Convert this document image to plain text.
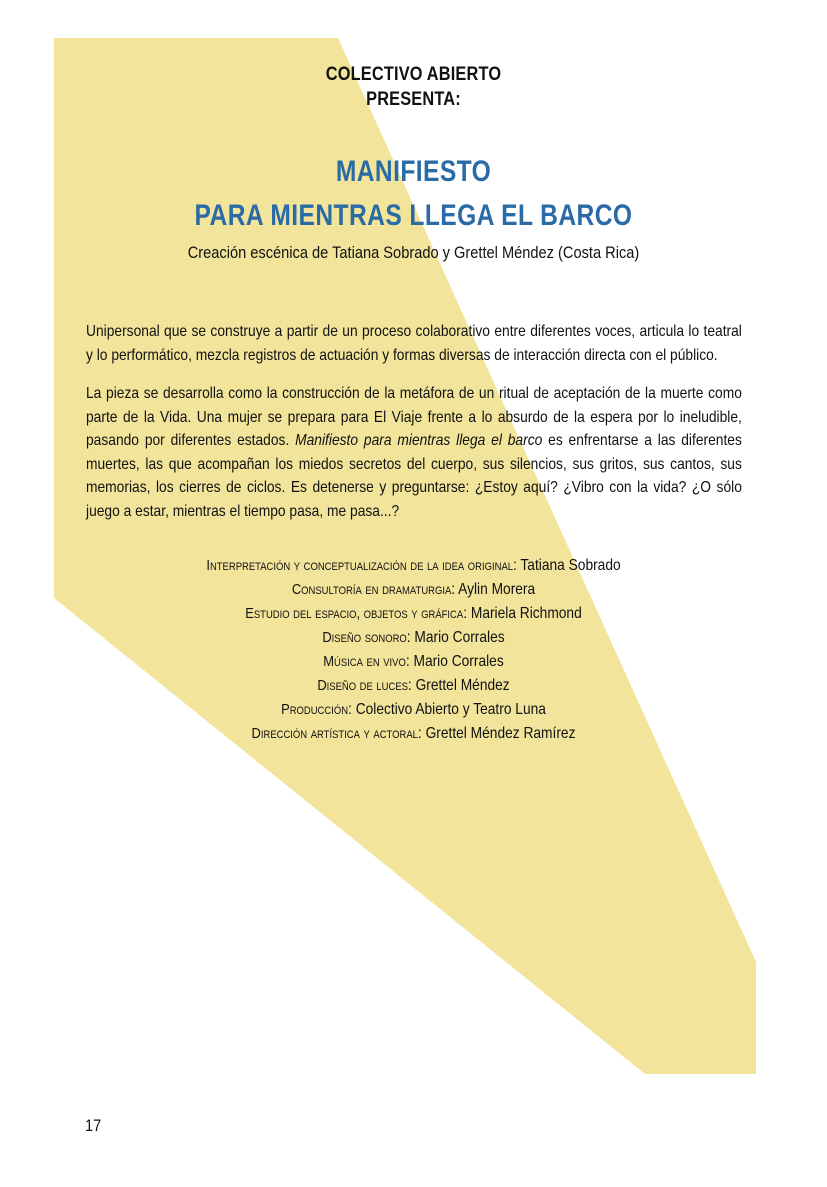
COLECTIVO ABIERTO
PRESENTA:
MANIFIESTO
PARA MIENTRAS LLEGA EL BARCO
Creación escénica de Tatiana Sobrado y Grettel Méndez (Costa Rica)
Unipersonal que se construye a partir de un proceso colaborativo entre diferentes voces, articula lo teatral y lo performático, mezcla registros de actuación y formas diversas de interacción directa con el público.
La pieza se desarrolla como la construcción de la metáfora de un ritual de aceptación de la muerte como parte de la Vida. Una mujer se prepara para El Viaje frente a lo absurdo de la espera por lo ineludible, pasando por diferentes estados. Manifiesto para mientras llega el barco es enfrentarse a las diferentes muertes, las que acompañan los miedos secretos del cuerpo, sus silencios, sus gritos, sus cantos, sus memorias, los cierres de ciclos. Es detenerse y preguntarse: ¿Estoy aquí? ¿Vibro con la vida? ¿O sólo juego a estar, mientras el tiempo pasa, me pasa...?
Interpretación y conceptualización de la idea original: Tatiana Sobrado
Consultoría en dramaturgia: Aylin Morera
Estudio del espacio, objetos y gráfica: Mariela Richmond
Diseño sonoro: Mario Corrales
Música en vivo: Mario Corrales
Diseño de luces: Grettel Méndez
Producción: Colectivo Abierto y Teatro Luna
Dirección artística y actoral: Grettel Méndez Ramírez
17
